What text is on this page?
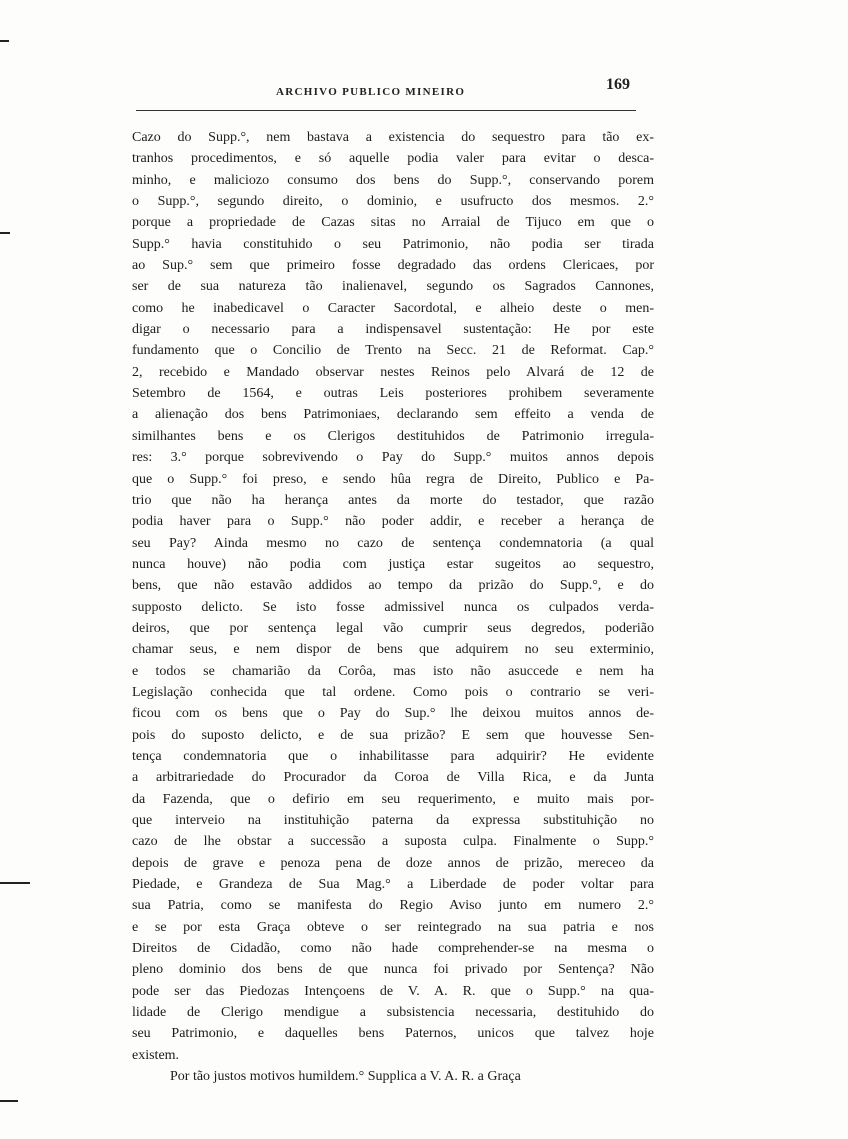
ARCHIVO PUBLICO MINEIRO	169
Cazo do Supp.°, nem bastava a existencia do sequestro para tão ex-
tranhos procedimentos, e só aquelle podia valer para evitar o desca-
minho, e maliciozo consumo dos bens do Supp.°, conservando porem
o Supp.°, segundo direito, o dominio, e usufructo dos mesmos. 2.°
porque a propriedade de Cazas sitas no Arraial de Tijuco em que o
Supp.° havia constituhido o seu Patrimonio, não podia ser tirada
ao Sup.° sem que primeiro fosse degradado das ordens Clericaes, por
ser de sua natureza tão inalienavel, segundo os Sagrados Cannones,
como he inabedicavel o Caracter Sacordotal, e alheio deste o men-
digar o necessario para a indispensavel sustentação: He por este
fundamento que o Concilio de Trento na Secc. 21 de Reformat. Cap.°
2, recebido e Mandado observar nestes Reinos pelo Alvará de 12 de
Setembro de 1564, e outras Leis posteriores prohibem severamente
a alienação dos bens Patrimoniaes, declarando sem effeito a venda de
similhantes bens e os Clerigos destituhidos de Patrimonio irregula-
res: 3.° porque sobrevivendo o Pay do Supp.° muitos annos depois
que o Supp.° foi preso, e sendo hûa regra de Direito, Publico e Pa-
trio que não ha herança antes da morte do testador, que razão
podia haver para o Supp.° não poder addir, e receber a herança de
seu Pay? Ainda mesmo no cazo de sentença condemnatoria (a qual
nunca houve) não podia com justiça estar sugeitos ao sequestro,
bens, que não estavão addidos ao tempo da prizão do Supp.°, e do
supposto delicto. Se isto fosse admissivel nunca os culpados verda-
deiros, que por sentença legal vão cumprir seus degredos, poderião
chamar seus, e nem dispor de bens que adquirem no seu exterminio,
e todos se chamarião da Corôa, mas isto não asuccede e nem ha
Legislação conhecida que tal ordene. Como pois o contrario se veri-
ficou com os bens que o Pay do Sup.° lhe deixou muitos annos de-
pois do suposto delicto, e de sua prizão? E sem que houvesse Sen-
tença condemnatoria que o inhabilitasse para adquirir? He evidente
a arbitrariedade do Procurador da Coroa de Villa Rica, e da Junta
da Fazenda, que o defirio em seu requerimento, e muito mais por-
que interveio na instituhição paterna da expressa substituhição no
cazo de lhe obstar a successão a suposta culpa. Finalmente o Supp.°
depois de grave e penoza pena de doze annos de prizão, mereceo da
Piedade, e Grandeza de Sua Mag.° a Liberdade de poder voltar para
sua Patria, como se manifesta do Regio Aviso junto em numero 2.°
e se por esta Graça obteve o ser reintegrado na sua patria e nos
Direitos de Cidadão, como não hade comprehender-se na mesma o
pleno dominio dos bens de que nunca foi privado por Sentença? Não
pode ser das Piedozas Intençoens de V. A. R. que o Supp.° na qua-
lidade de Clerigo mendigue a subsistencia necessaria, destituhido do
seu Patrimonio, e daquelles bens Paternos, unicos que talvez hoje
existem.
Por tão justos motivos humildem.° Supplica a V. A. R. a Graça
